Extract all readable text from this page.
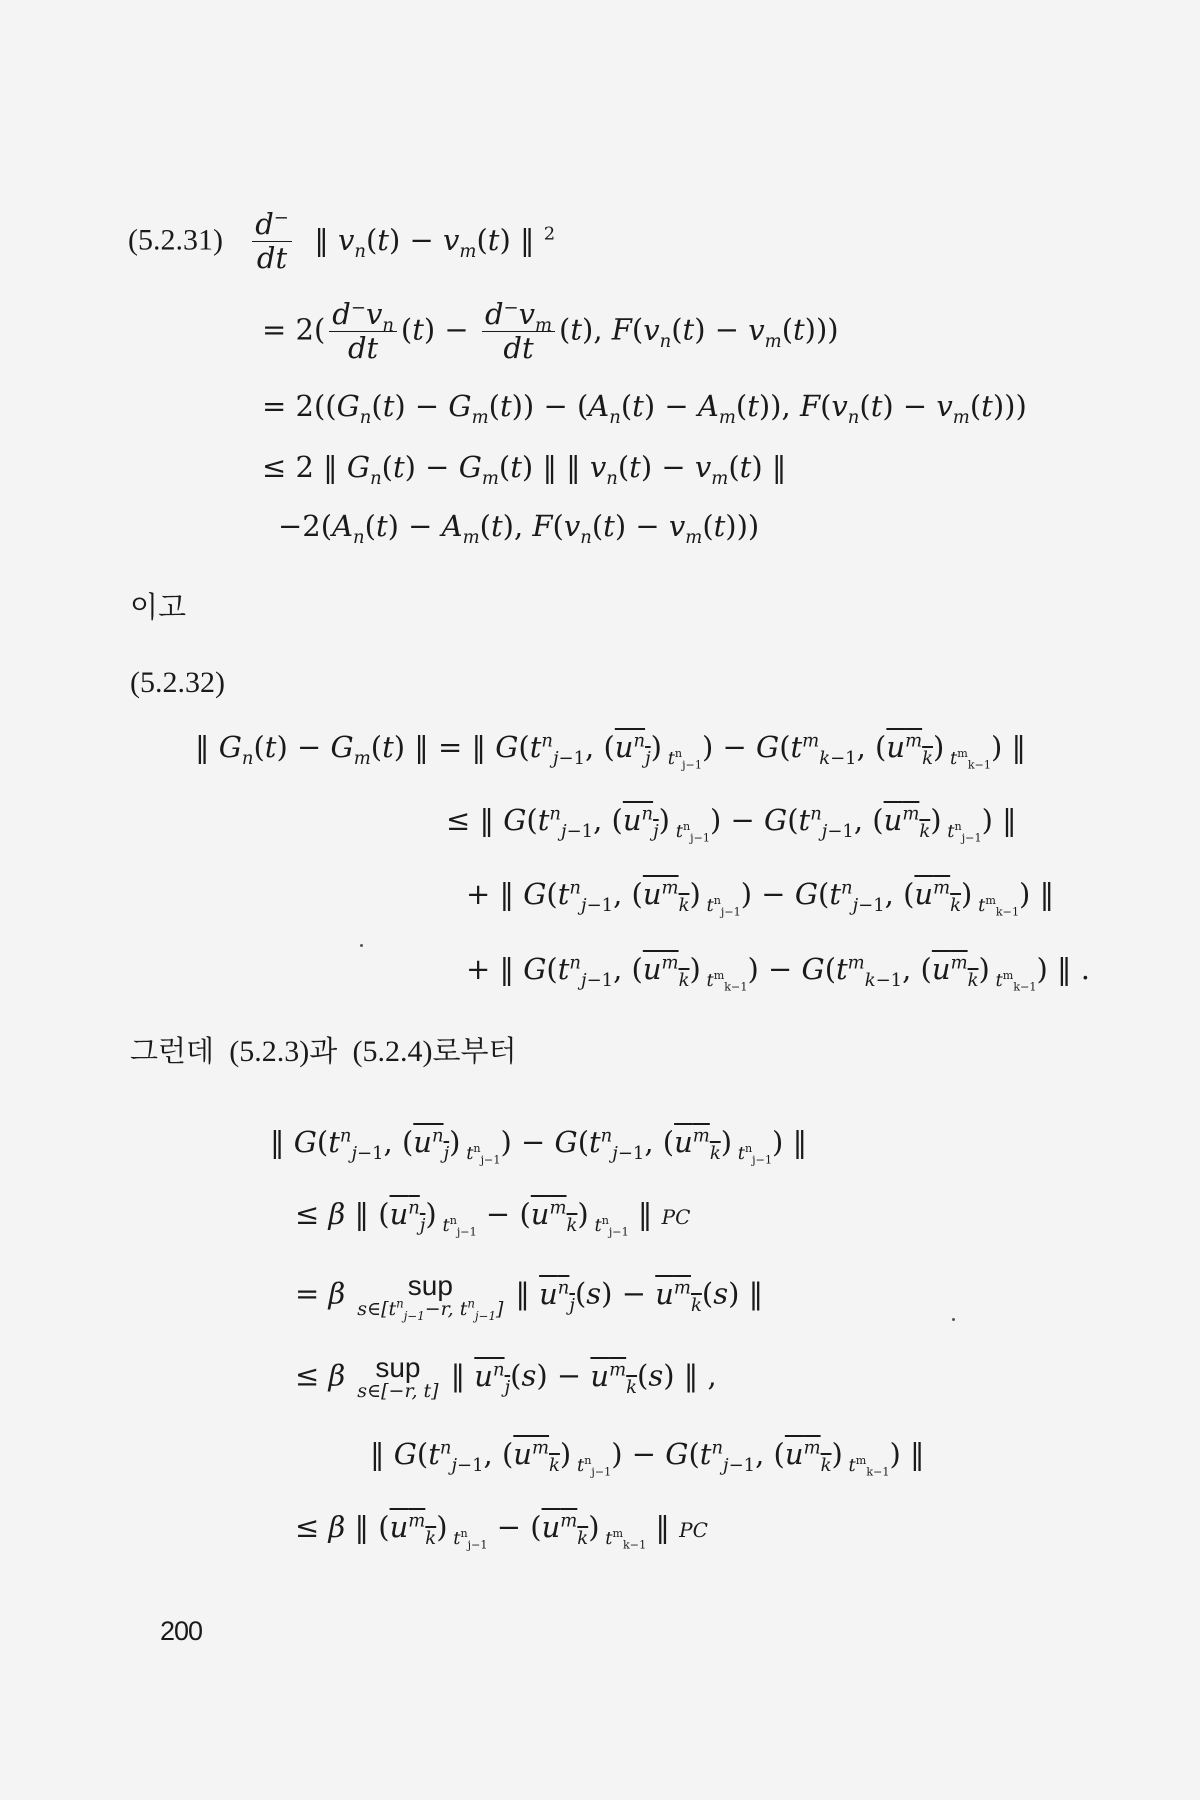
$(5.2.31) \frac{d^-}{dt}$ ‖ $v_n(t) - v_m(t)$ ‖ $^2$
= $2( \frac{d^-v_n}{dt} (t) - \frac{d^-v_m}{dt} (t)$, $F(v_n(t) - v_m(t))$)
= $2((G_n(t) - G_m(t)) - (A_n(t) - A_m(t))$, $F(v_n(t) - v_m(t))$)
≤ 2 ‖ $G_n(t) - G_m(t)$ ‖ ‖ $v_n(t) - v_m(t)$ ‖
$-2(A_n(t) - A_m(t)$, $F(v_n(t) - v_m(t))$)
이고
(5.2.32)
‖ $G_n(t) - G_m(t)$ ‖ = ‖ $G(t^n_{j-1}$, $(u^n_j) _{t^n_{j-1}}) - G(t^m_{k-1}$, $(u^m_k)$ $_{t^m_{k-1}}$) ‖
≤ ‖ $G(t^n_{j-1}$, $(u^n_j) _{t^n_{j-1}}) - G(t^n_{j-1}$, $(u^m_k)$ $_{t^n_{j-1}}$) ‖
+ ‖ $G(t^n_{j-1}$, $(u^m_k) _{t^n_{j-1}}) - G(t^n_{j-1}$, $(u^m_k)$ $_{t^m_{k-1}}$) ‖
+ ‖ $G(t^n_{j-1}$, $(u^m_k) _{t^m_{k-1}}) - G(t^m_{k-1}$, $(u^m_k)$ $_{t^m_{k-1}}$) ‖ .
그런데 (5.2.3)과 (5.2.4)로부터
‖ $G(t^n_{j-1}$, $(u^n_j) _{t^n_{j-1}}) - G(t^n_{j-1}$, $(u^m_k)$ $_{t^n_{j-1}}$) ‖
≤ β ‖ $(u^n_j) _{t^n_{j-1}} - (u^m_k)$ $_{t^n_{j-1}}$ ‖ PC
= β	sup
$s\in[t^n_{j-1}-r$, $t^n_{j-1}$] ‖ $u^n_j(s) - u^m_k(s)$ ‖
≤ β	sup
s∈[−r, t] ‖ $u^n_j(s) - u^m_k(s)$ ‖ ,
‖ $G(t^n_{j-1}$, $(u^m_k) _{t^n_{j-1}}) - G(t^n_{j-1}$, $(u^m_k)$ $_{t^m_{k-1}}$) ‖
≤ β ‖ $(u^m_k) _{t^n_{j-1}} - (u^m_k)$ $_{t^m_{k-1}}$ ‖ PC
200
